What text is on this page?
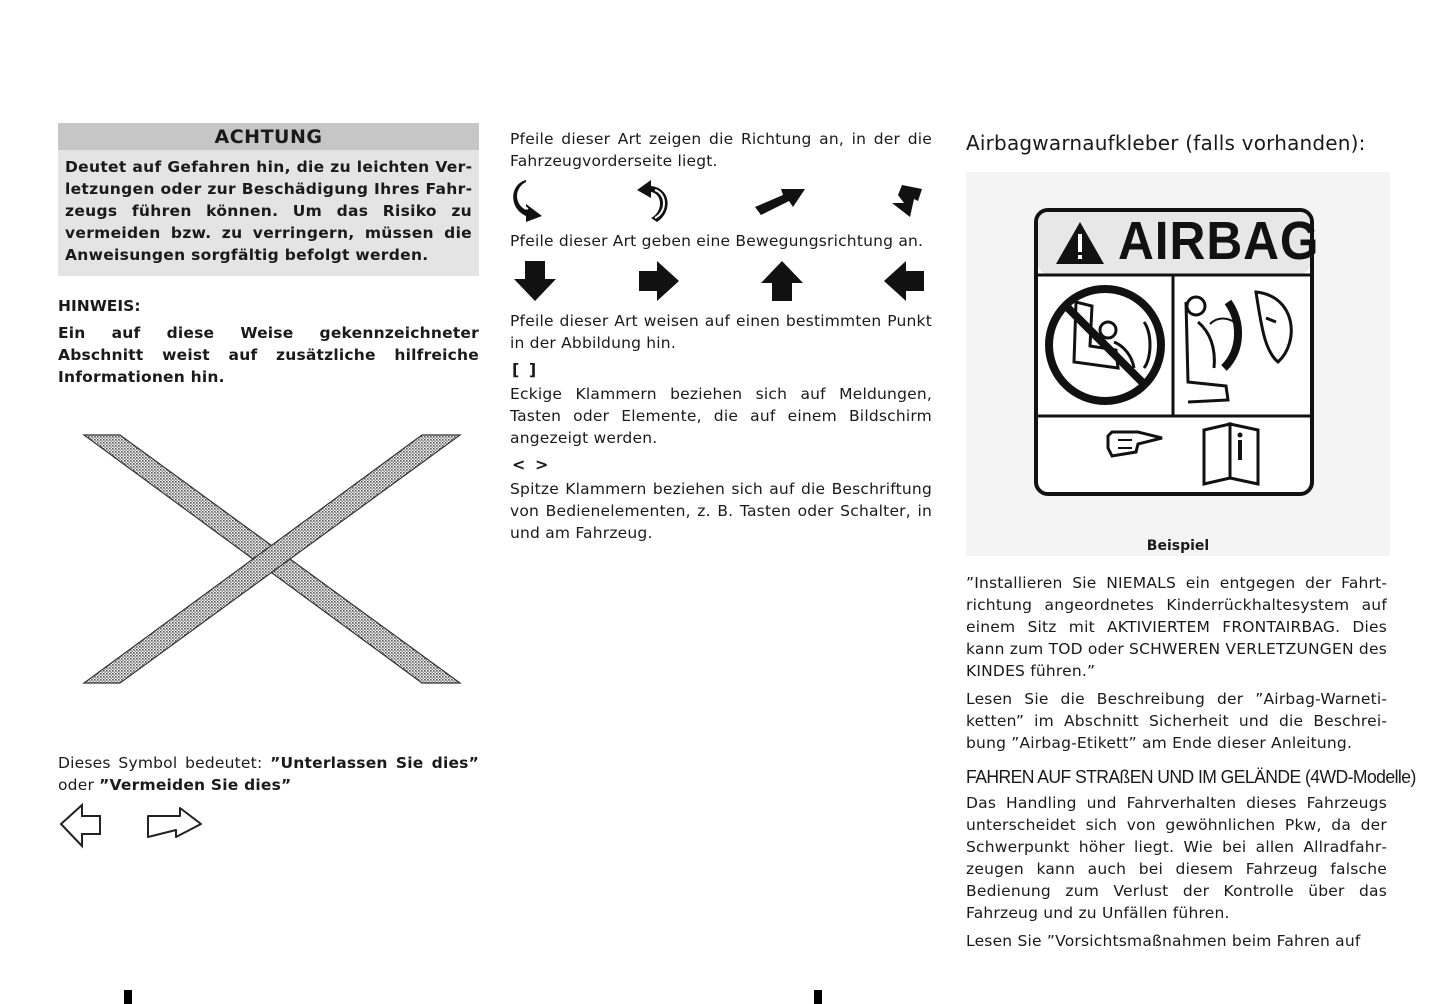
ACHTUNG
Deutet auf Gefahren hin, die zu leichten Verletzungen oder zur Beschädigung Ihres Fahrzeugs führen können. Um das Risiko zu vermeiden bzw. zu verringern, müssen die Anweisungen sorgfältig befolgt werden.
HINWEIS:
Ein auf diese Weise gekennzeichneter Abschnitt weist auf zusätzliche hilfreiche Informationen hin.

Dieses Symbol bedeutet: ”Unterlassen Sie dies” oder ”Vermeiden Sie dies”

Pfeile dieser Art zeigen die Richtung an, in der die Fahrzeugvorderseite liegt.

Pfeile dieser Art geben eine Bewegungsrichtung an.

Pfeile dieser Art weisen auf einen bestimmten Punkt in der Abbildung hin.

[ ]

Eckige Klammern beziehen sich auf Meldungen, Tasten oder Elemente, die auf einem Bildschirm angezeigt werden.

< >

Spitze Klammern beziehen sich auf die Beschriftung von Bedienelementen, z. B. Tasten oder Schalter, in und am Fahrzeug.

Airbagwarnaufkleber (falls vorhanden):
AIRBAG
Beispiel

”Installieren Sie NIEMALS ein entgegen der Fahrtrichtung angeordnetes Kinderrückhaltesystem auf einem Sitz mit AKTIVIERTEM FRONTAIRBAG. Dies kann zum TOD oder SCHWEREN VERLETZUNGEN des KINDES führen.”

Lesen Sie die Beschreibung der ”Airbag-Warnetiketten” im Abschnitt Sicherheit und die Beschreibung ”Airbag-Etikett” am Ende dieser Anleitung.

FAHREN AUF STRAßEN UND IM GELÄNDE (4WD-Modelle)

Das Handling und Fahrverhalten dieses Fahrzeugs unterscheidet sich von gewöhnlichen Pkw, da der Schwerpunkt höher liegt. Wie bei allen Allradfahrzeugen kann auch bei diesem Fahrzeug falsche Bedienung zum Verlust der Kontrolle über das Fahrzeug und zu Unfällen führen.

Lesen Sie ”Vorsichtsmaßnahmen beim Fahren auf
